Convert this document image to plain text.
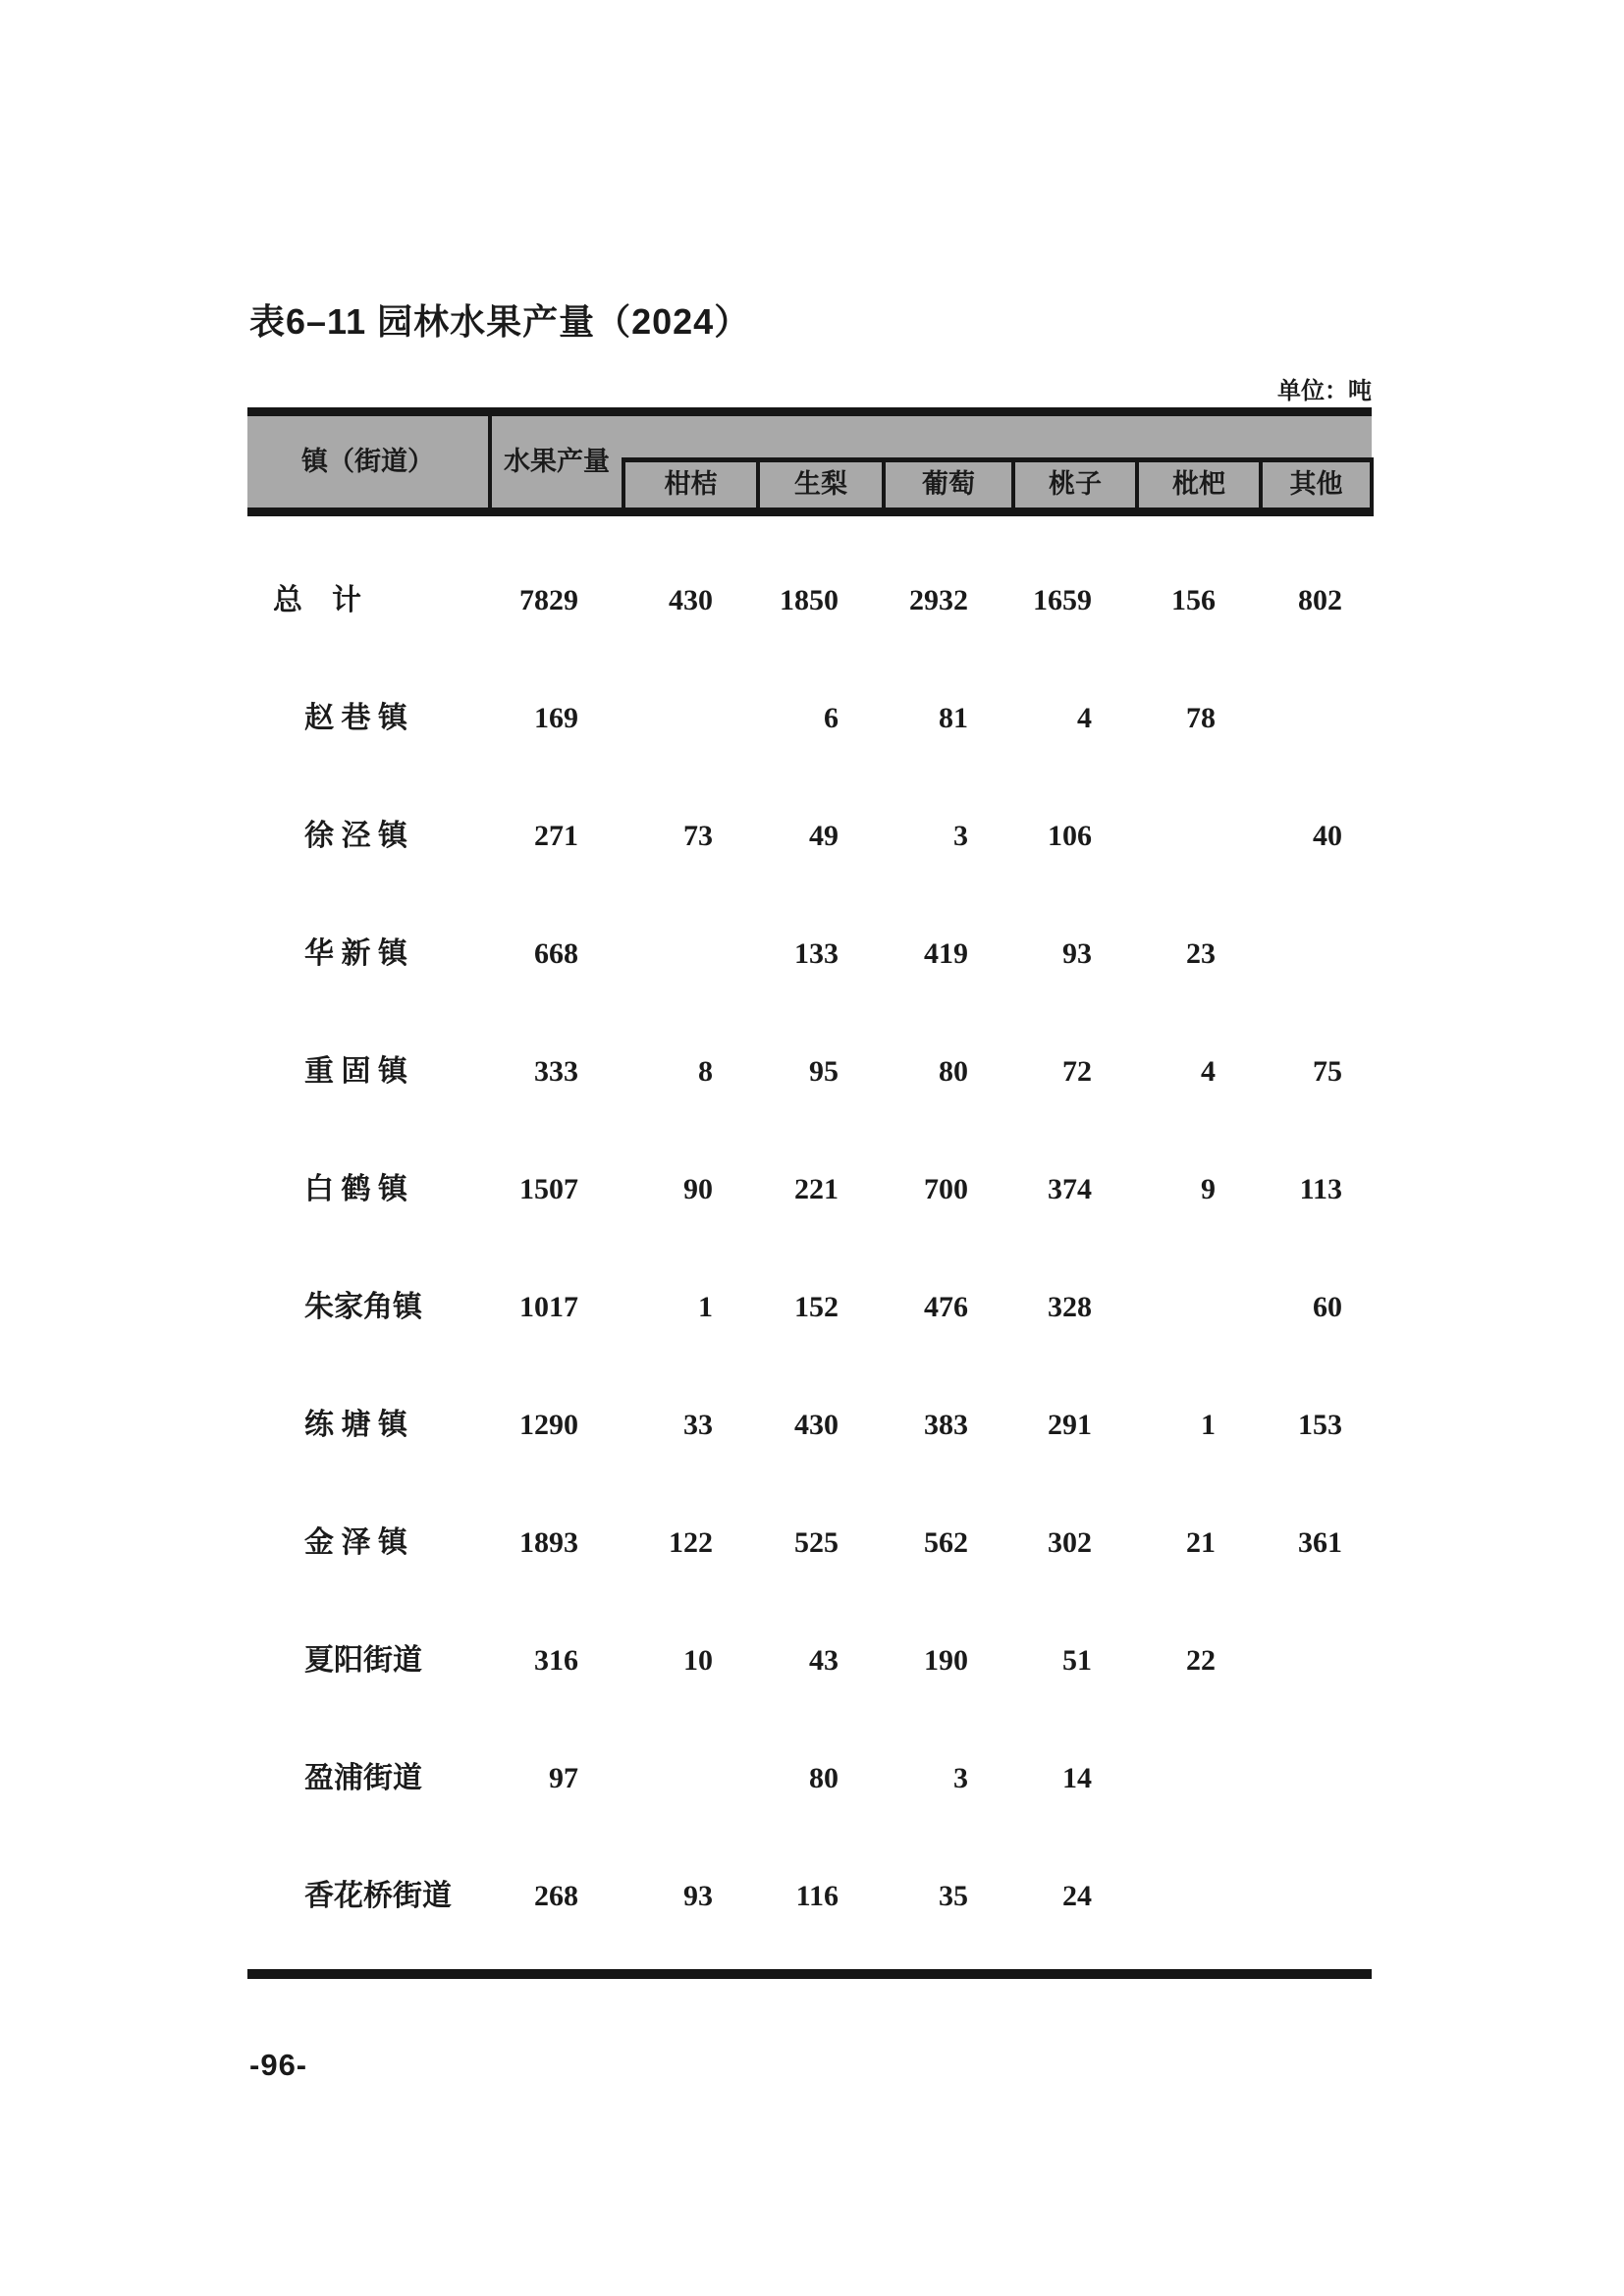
表6–11 园林水果产量（2024）
单位：吨
镇（街道）	水果产量						
		柑桔	生梨	葡萄	桃子	枇杷	其他

总　计	7829	430	1850	2932	1659	156	802
赵 巷 镇	169		6	81	4	78	
徐 泾 镇	271	73	49	3	106		40
华 新 镇	668		133	419	93	23	
重 固 镇	333	8	95	80	72	4	75
白 鹤 镇	1507	90	221	700	374	9	113
朱家角镇	1017	1	152	476	328		60
练 塘 镇	1290	33	430	383	291	1	153
金 泽 镇	1893	122	525	562	302	21	361
夏阳街道	316	10	43	190	51	22	
盈浦街道	97		80	3	14		
香花桥街道	268	93	116	35	24		

-96-
